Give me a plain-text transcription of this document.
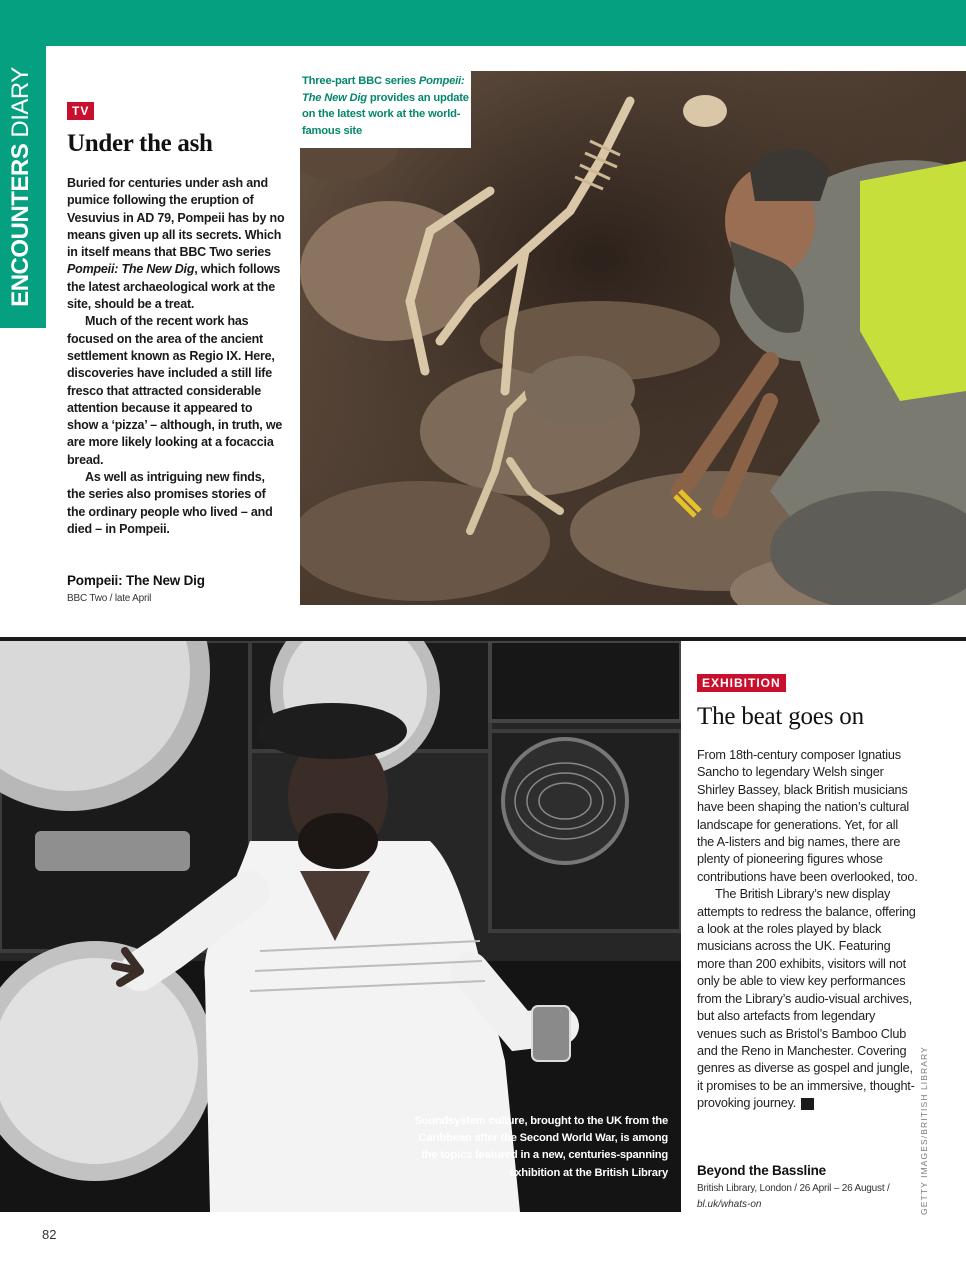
ENCOUNTERS DIARY	TV
Under the ash

Buried for centuries under ash and pumice following the eruption of Vesuvius in AD 79, Pompeii has by no means given up all its secrets. Which in itself means that BBC Two series Pompeii: The New Dig, which follows the latest archaeological work at the site, should be a treat.

Much of the recent work has focused on the area of the ancient settlement known as Regio IX. Here, discoveries have included a still life fresco that attracted considerable attention because it appeared to show a ‘pizza’ – although, in truth, we are more likely looking at a focaccia bread.

As well as intriguing new finds, the series also promises stories of the ordinary people who lived – and died – in Pompeii.

Pompeii: The New Dig
BBC Two / late April
Three-part BBC series Pompeii: The New Dig provides an update on the latest work at the world-famous site
Soundsystem culture, brought to the UK from the Caribbean after the Second World War, is among the topics featured in a new, centuries-spanning exhibition at the British Library
EXHIBITION
The beat goes on

From 18th-century composer Ignatius Sancho to legendary Welsh singer Shirley Bassey, black British musicians have been shaping the nation’s cultural landscape for generations. Yet, for all the A-listers and big names, there are plenty of pioneering figures whose contributions have been overlooked, too.

The British Library’s new display attempts to redress the balance, offering a look at the roles played by black musicians across the UK. Featuring more than 200 exhibits, visitors will not only be able to view key performances from the Library’s audio-visual archives, but also artefacts from legendary venues such as Bristol’s Bamboo Club and the Reno in Manchester. Covering genres as diverse as gospel and jungle, it promises to be an immersive, thought-provoking journey. H

Beyond the Bassline
British Library, London / 26 April – 26 August /
bl.uk/whats-on	GETTY IMAGES/BRITISH LIBRARY
82
